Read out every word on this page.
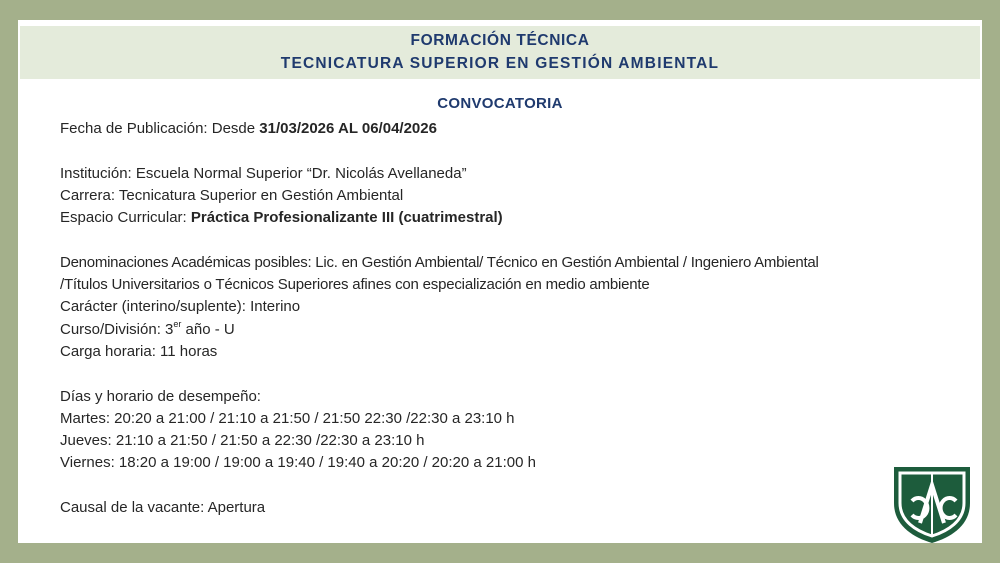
FORMACIÓN TÉCNICA
TECNICATURA SUPERIOR EN GESTIÓN AMBIENTAL
CONVOCATORIA
Fecha de Publicación: Desde 31/03/2026 AL 06/04/2026
Institución: Escuela Normal Superior “Dr. Nicolás Avellaneda”
Carrera: Tecnicatura Superior en Gestión Ambiental
Espacio Curricular: Práctica Profesionalizante III (cuatrimestral)
Denominaciones Académicas posibles: Lic. en Gestión Ambiental/ Técnico en Gestión Ambiental / Ingeniero Ambiental
/Títulos Universitarios o Técnicos Superiores afines con especialización en medio ambiente
Carácter (interino/suplente): Interino
Curso/División: 3er año - U
Carga horaria: 11 horas
Días y horario de desempeño:
Martes: 20:20 a 21:00 / 21:10 a 21:50 / 21:50 22:30 /22:30 a 23:10 h
Jueves: 21:10 a 21:50 / 21:50 a 22:30 /22:30 a 23:10 h
Viernes: 18:20 a 19:00 / 19:00 a 19:40 / 19:40 a 20:20 / 20:20 a 21:00 h
Causal de la vacante: Apertura
